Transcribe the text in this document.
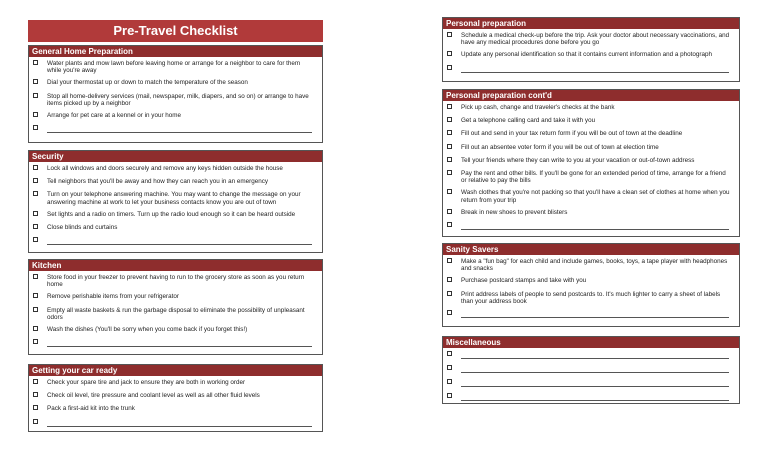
Pre-Travel Checklist
General Home Preparation
Water plants and mow lawn before leaving home or arrange for a neighbor to care for them while you're away
Dial your thermostat up or down to match the temperature of the season
Stop all home-delivery services (mail, newspaper, milk, diapers, and so on) or arrange to have items picked up by a neighbor
Arrange for pet care at a kennel or in your home
Security
Lock all windows and doors securely and remove any keys hidden outside the house
Tell neighbors that you'll be away and how they can reach you in an emergency
Turn on your telephone answering machine. You may want to change the message on your answering machine at work to let your business contacts know you are out of town
Set lights and a radio on timers. Turn up the radio loud enough so it can be heard outside
Close blinds and curtains
Kitchen
Store food in your freezer to prevent having to run to the grocery store as soon as you return home
Remove perishable items from your refrigerator
Empty all waste baskets & run the garbage disposal to eliminate the possibility of unpleasant odors
Wash the dishes (You'll be sorry when you come back if you forget this!)
Getting your car ready
Check your spare tire and jack to ensure they are both in working order
Check oil level, tire pressure and coolant level as well as all other fluid levels
Pack a first-aid kit into the trunk
Personal preparation
Schedule a medical check-up before the trip. Ask your doctor about necessary vaccinations, and have any medical procedures done before you go
Update any personal identification so that it contains current information and a photograph
Personal preparation cont'd
Pick up cash, change and traveler's checks at the bank
Get a telephone calling card and take it with you
Fill out and send in your tax return form if you will be out of town at the deadline
Fill out an absentee voter form if you will be out of town at election time
Tell your friends where they can write to you at your vacation or out-of-town address
Pay the rent and other bills. If you'll be gone for an extended period of time, arrange for a friend or relative to pay the bills
Wash clothes that you're not packing so that you'll have a clean set of clothes at home when you return from your trip
Break in new shoes to prevent blisters
Sanity Savers
Make a "fun bag" for each child and include games, books, toys, a tape player with headphones and snacks
Purchase postcard stamps and take with you
Print address labels of people to send postcards to. It's much lighter to carry a sheet of labels than your address book
Miscellaneous
